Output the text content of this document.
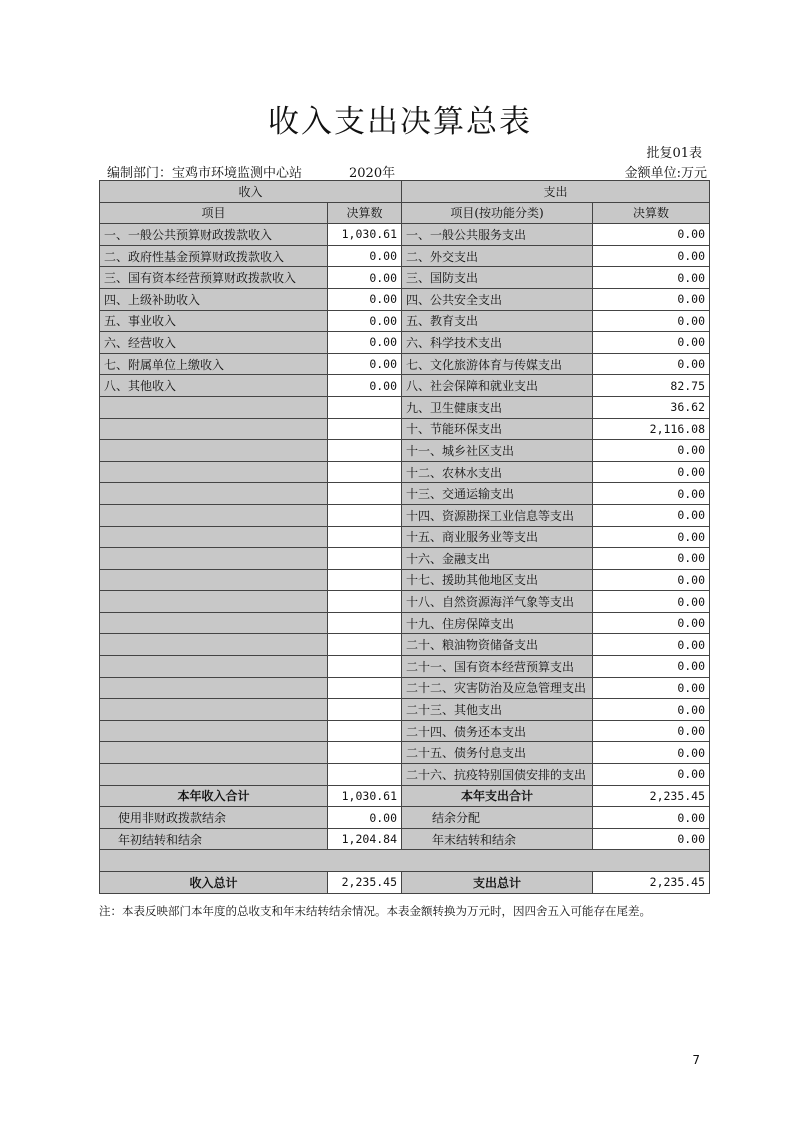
收入支出决算总表
批复01表
编制部门：宝鸡市环境监测中心站	2020年	金额单位:万元
收入		支出	
项目	决算数	项目(按功能分类)	决算数
一、一般公共预算财政拨款收入	1,030.61	一、一般公共服务支出	0.00
二、政府性基金预算财政拨款收入	0.00	二、外交支出	0.00
三、国有资本经营预算财政拨款收入	0.00	三、国防支出	0.00
四、上级补助收入	0.00	四、公共安全支出	0.00
五、事业收入	0.00	五、教育支出	0.00
六、经营收入	0.00	六、科学技术支出	0.00
七、附属单位上缴收入	0.00	七、文化旅游体育与传媒支出	0.00
八、其他收入	0.00	八、社会保障和就业支出	82.75
		九、卫生健康支出	36.62
		十、节能环保支出	2,116.08
		十一、城乡社区支出	0.00
		十二、农林水支出	0.00
		十三、交通运输支出	0.00
		十四、资源勘探工业信息等支出	0.00
		十五、商业服务业等支出	0.00
		十六、金融支出	0.00
		十七、援助其他地区支出	0.00
		十八、自然资源海洋气象等支出	0.00
		十九、住房保障支出	0.00
		二十、粮油物资储备支出	0.00
		二十一、国有资本经营预算支出	0.00
		二十二、灾害防治及应急管理支出	0.00
		二十三、其他支出	0.00
		二十四、债务还本支出	0.00
		二十五、债务付息支出	0.00
		二十六、抗疫特别国债安排的支出	0.00
本年收入合计	1,030.61	本年支出合计	2,235.45
使用非财政拨款结余	0.00	结余分配	0.00
年初结转和结余	1,204.84	年末结转和结余	0.00

收入总计	2,235.45	支出总计	2,235.45
注：本表反映部门本年度的总收支和年末结转结余情况。本表金额转换为万元时，因四舍五入可能存在尾差。
7
